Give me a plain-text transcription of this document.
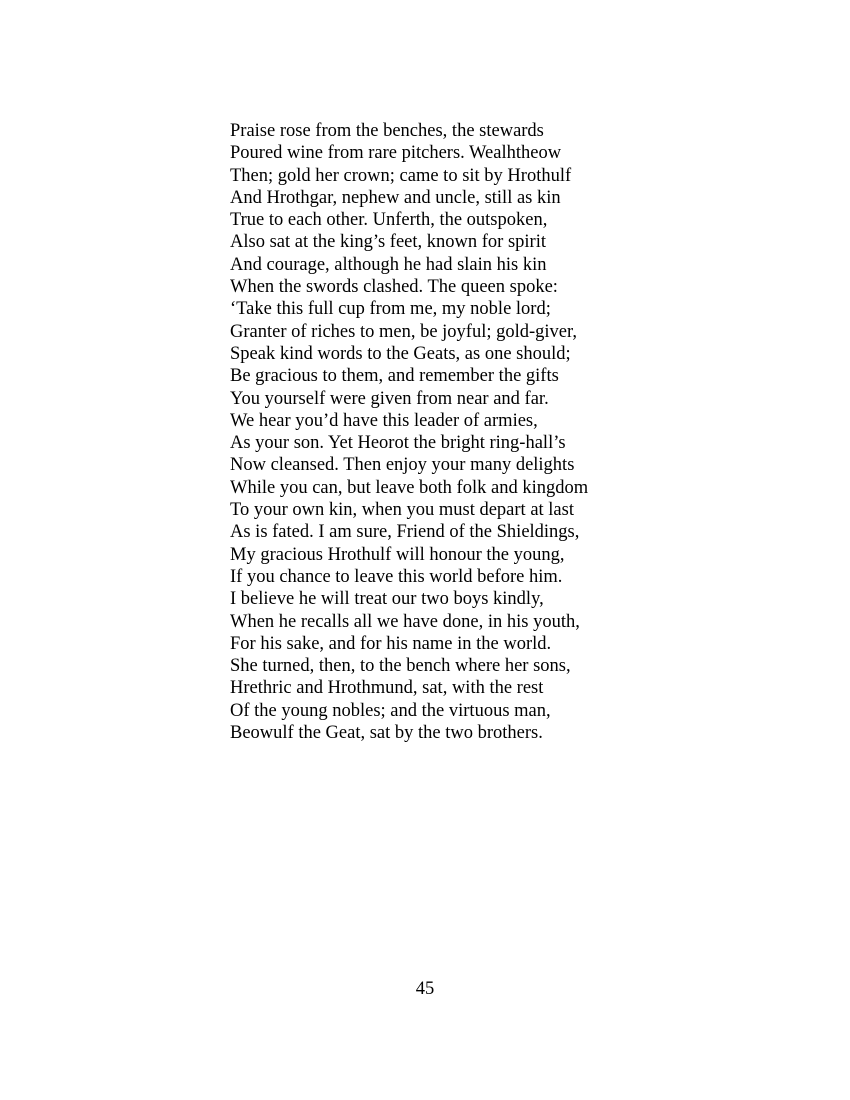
Praise rose from the benches, the stewards
Poured wine from rare pitchers. Wealhtheow
Then; gold her crown; came to sit by Hrothulf
And Hrothgar, nephew and uncle, still as kin
True to each other. Unferth, the outspoken,
Also sat at the king’s feet, known for spirit
And courage, although he had slain his kin
When the swords clashed. The queen spoke:
‘Take this full cup from me, my noble lord;
Granter of riches to men, be joyful; gold-giver,
Speak kind words to the Geats, as one should;
Be gracious to them, and remember the gifts
You yourself were given from near and far.
We hear you’d have this leader of armies,
As your son. Yet Heorot the bright ring-hall’s
Now cleansed. Then enjoy your many delights
While you can, but leave both folk and kingdom
To your own kin, when you must depart at last
As is fated. I am sure, Friend of the Shieldings,
My gracious Hrothulf will honour the young,
If you chance to leave this world before him.
I believe he will treat our two boys kindly,
When he recalls all we have done, in his youth,
For his sake, and for his name in the world.
She turned, then, to the bench where her sons,
Hrethric and Hrothmund, sat, with the rest
Of the young nobles; and the virtuous man,
Beowulf the Geat, sat by the two brothers.
45
